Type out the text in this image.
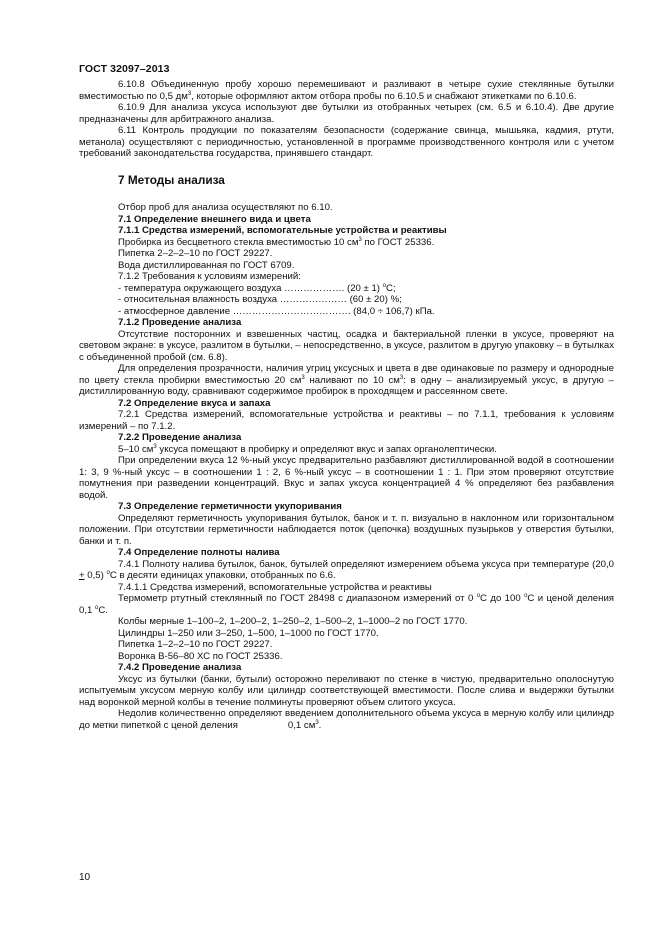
ГОСТ 32097–2013

6.10.8 Объединенную пробу хорошо перемешивают и разливают в четыре сухие стеклянные бутылки вместимостью по 0,5 $дм^3$, которые оформляют актом отбора пробы по 6.10.5 и снабжают этикетками по 6.10.6.

6.10.9 Для анализа уксуса используют две бутылки из отобранных четырех (см. 6.5 и 6.10.4). Две другие предназначены для арбитражного анализа.

6.11 Контроль продукции по показателям безопасности (содержание свинца, мышьяка, кадмия, ртути, метанола) осуществляют с периодичностью, установленной в программе производственного контроля или с учетом требований законодательства государства, принявшего стандарт.

7 Методы анализа

Отбор проб для анализа осуществляют по 6.10.

7.1 Определение внешнего вида и цвета

7.1.1 Средства измерений, вспомогательные устройства и реактивы

Пробирка из бесцветного стекла вместимостью 10 $см^3$ по ГОСТ 25336.

Пипетка 2–2–2–10 по ГОСТ 29227.

Вода дистиллированная по ГОСТ 6709.

7.1.2 Требования к условиям измерений:

- температура окружающего воздуха ………………. (20 ± 1) $^o$С;

- относительная влажность воздуха ………………… (60 ± 20) %;

- атмосферное давление ………………………………. (84,0 ÷ 106,7) кПа.

7.1.2 Проведение анализа

Отсутствие посторонних и взвешенных частиц, осадка и бактериальной пленки в уксусе, проверяют на световом экране: в уксусе, разлитом в бутылки, – непосредственно, в уксусе, разлитом в другую упаковку – в бутылках с объединенной пробой (см. 6.8).

Для определения прозрачности, наличия угриц уксусных и цвета в две одинаковые по размеру и однородные по цвету стекла пробирки вместимостью 20 $см^3$ наливают по 10 $см^3$: в одну – анализируемый уксус, в другую – дистиллированную воду, сравнивают содержимое пробирок в проходящем и рассеянном свете.

7.2 Определение вкуса и запаха

7.2.1 Средства измерений, вспомогательные устройства и реактивы – по 7.1.1, требования к условиям измерений – по 7.1.2.

7.2.2 Проведение анализа

5–10 $см^3$ уксуса помещают в пробирку и определяют вкус и запах органолептически.

При определении вкуса 12 %-ный уксус предварительно разбавляют дистиллированной водой в соотношении 1: 3, 9 %-ный уксус – в соотношении 1 : 2, 6 %-ный уксус – в соотношении 1 : 1. При этом проверяют отсутствие помутнения при разведении концентраций. Вкус и запах уксуса концентрацией 4 % определяют без разбавления водой.

7.3 Определение герметичности укупоривания

Определяют герметичность укупоривания бутылок, банок и т. п. визуально в наклонном или горизонтальном положении. При отсутствии герметичности наблюдается поток (цепочка) воздушных пузырьков у отверстия бутылки, банки и т. п.

7.4 Определение полноты налива

7.4.1 Полноту налива бутылок, банок, бутылей определяют измерением объема уксуса при температуре (20,0 + 0,5) $^o$С в десяти единицах упаковки, отобранных по 6.6.

7.4.1.1 Средства измерений, вспомогательные устройства и реактивы

Термометр ртутный стеклянный по ГОСТ 28498 с диапазоном измерений от 0 $^o$С до 100 $^o$С и ценой деления 0,1 $^o$С.

Колбы мерные 1–100–2, 1–200–2, 1–250–2, 1–500–2, 1–1000–2 по ГОСТ 1770.

Цилиндры 1–250 или 3–250, 1–500, 1–1000 по ГОСТ 1770.

Пипетка 1–2–2–10 по ГОСТ 29227.

Воронка В-56–80 ХС по ГОСТ 25336.

7.4.2 Проведение анализа

Уксус из бутылки (банки, бутыли) осторожно переливают по стенке в чистую, предварительно ополоснутую испытуемым уксусом мерную колбу или цилиндр соответствующей вместимости. После слива и выдержки бутылки над воронкой мерной колбы в течение полминуты проверяют объем слитого уксуса.

Недолив количественно определяют введением дополнительного объема уксуса в мерную колбу или цилиндр до метки пипеткой с ценой деления	0,1 $см^3$.

10
